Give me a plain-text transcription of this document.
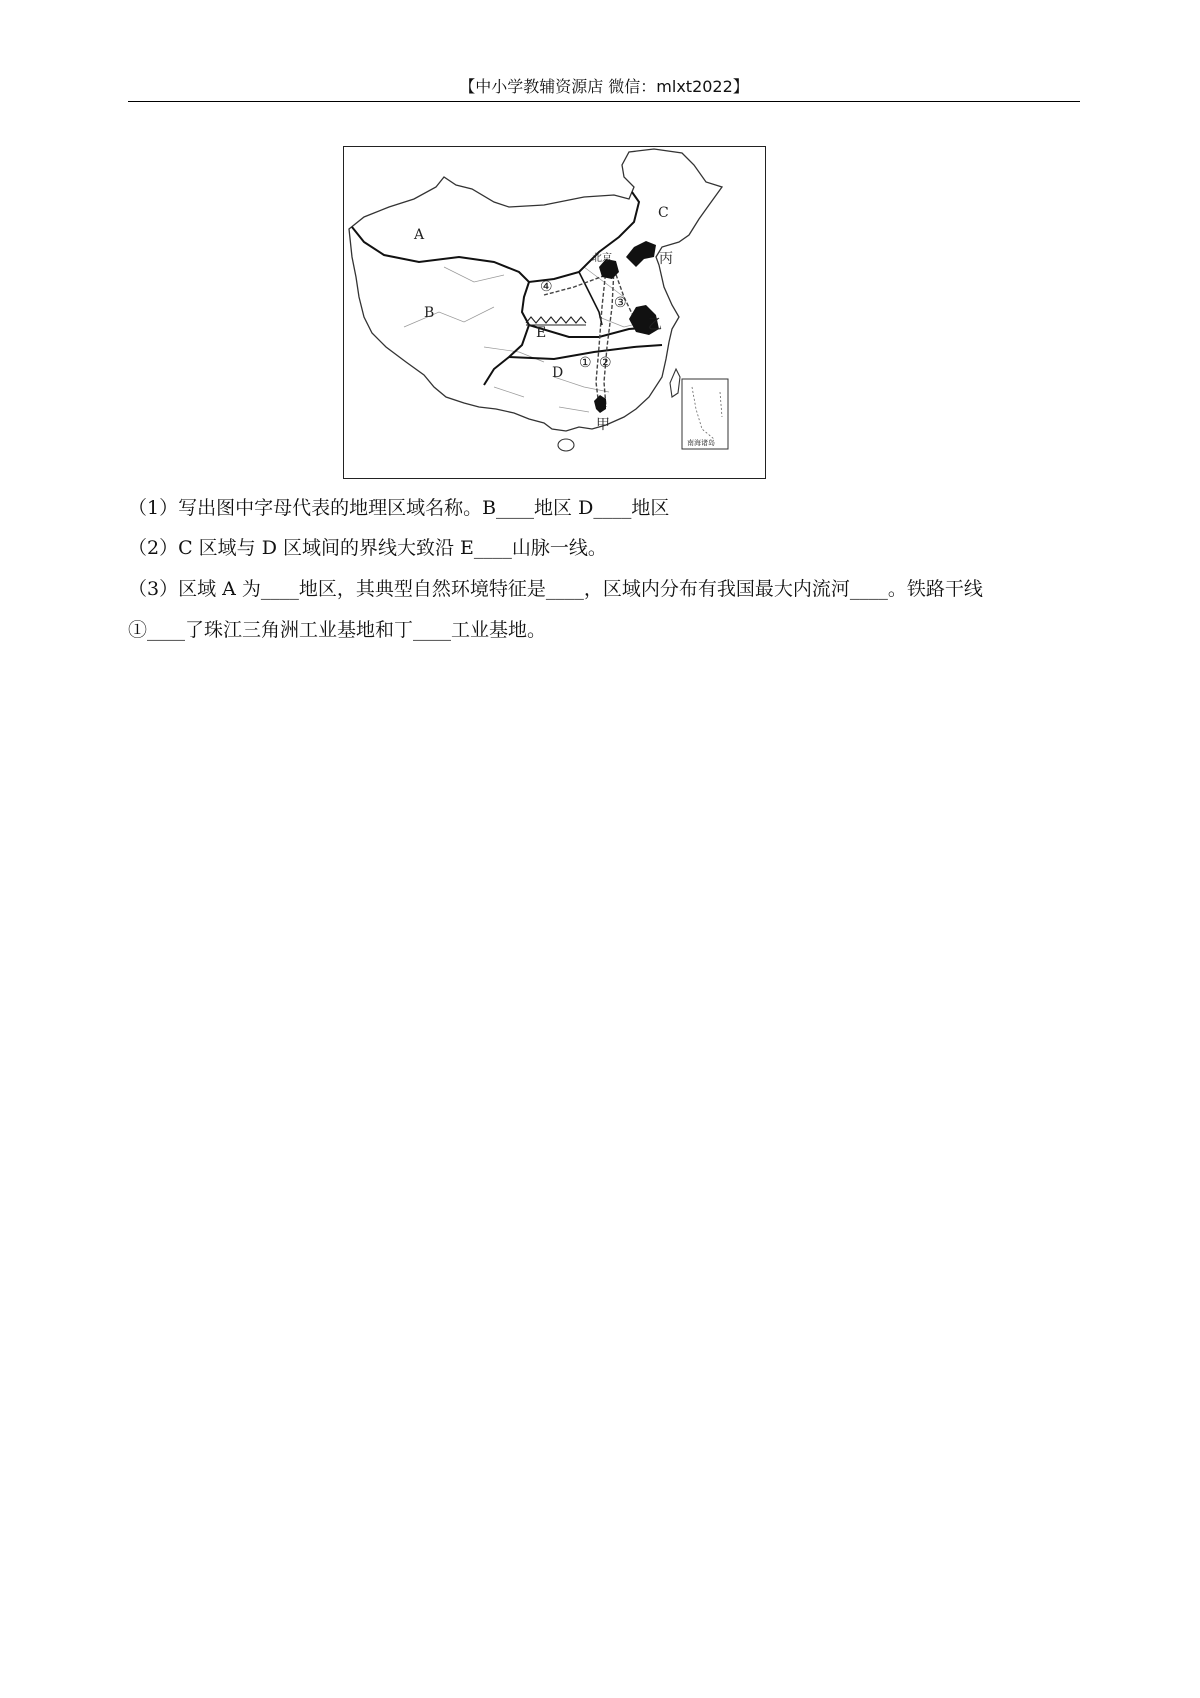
【中小学教辅资源店 微信：mlxt2022】
南海诸岛
A
B
C
D
E
北京	丙
乙
甲
① ②
③
④
（1）写出图中字母代表的地理区域名称。B____地区 D____地区
（2）C 区域与 D 区域间的界线大致沿 E____山脉一线。
（3）区域 A 为____地区，其典型自然环境特征是____，区域内分布有我国最大内流河____。铁路干线
①____了珠江三角洲工业基地和丁____工业基地。
